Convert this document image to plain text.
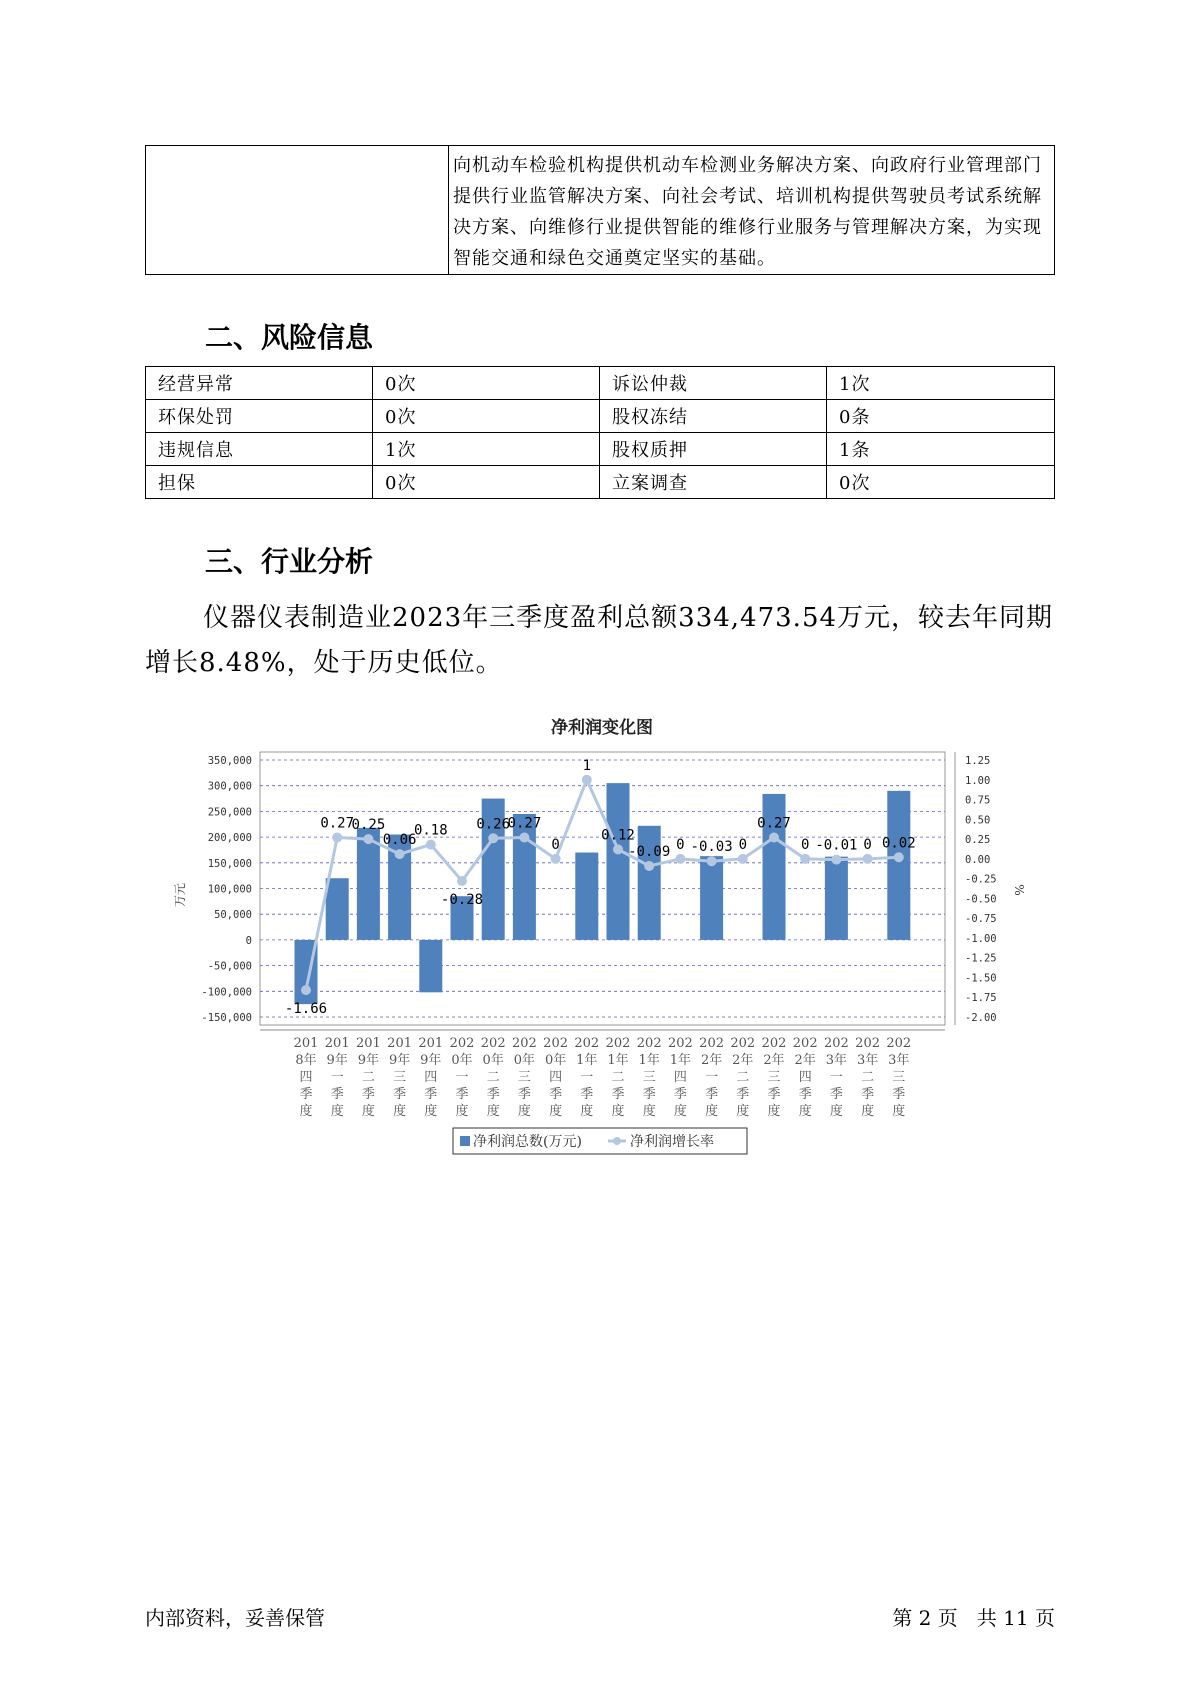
	向机动车检验机构提供机动车检测业务解决方案、向政府行业管理部门提供行业监管解决方案、向社会考试、培训机构提供驾驶员考试系统解决方案、向维修行业提供智能的维修行业服务与管理解决方案，为实现智能交通和绿色交通奠定坚实的基础。
二、风险信息
经营异常	0次	诉讼仲裁	1次
环保处罚	0次	股权冻结	0条
违规信息	1次	股权质押	1条
担保	0次	立案调查	0次
三、行业分析

仪器仪表制造业2023年三季度盈利总额334,473.54万元，较去年同期增长8.48%，处于历史低位。

净利润变化图
350,000
300,000
250,000
200,000
150,000
100,000
50,000
0
-50,000
-100,000
-150,000
1.25
1.00
0.75
0.50
0.25
0.00
-0.25
-0.50
-0.75
-1.00
-1.25
-1.50
-1.75
-2.00
万元	%
-1.66
0.27
0.25
0.06
0.18
-0.28
0.26
0.27
0
1
0.12
-0.09 0 -0.03 0
0.27
0 -0.01 0 0.02
201
8年
四
季
度
201
9年
一
季
度
201
9年
二
季
度
201
9年
三
季
度
201
9年
四
季
度
202
0年
一
季
度
202
0年
二
季
度
202
0年
三
季
度
202
0年
四
季
度
202
1年
一
季
度
202
1年
二
季
度
202
1年
三
季
度
202
1年
四
季
度
202
2年
一
季
度
202
2年
二
季
度
202
2年
三
季
度
202
2年
四
季
度
202
3年
一
季
度
202
3年
二
季
度
202
3年
三
季
度
净利润总数(万元)	净利润增长率
内部资料，妥善保管	第 2 页   共 11 页
